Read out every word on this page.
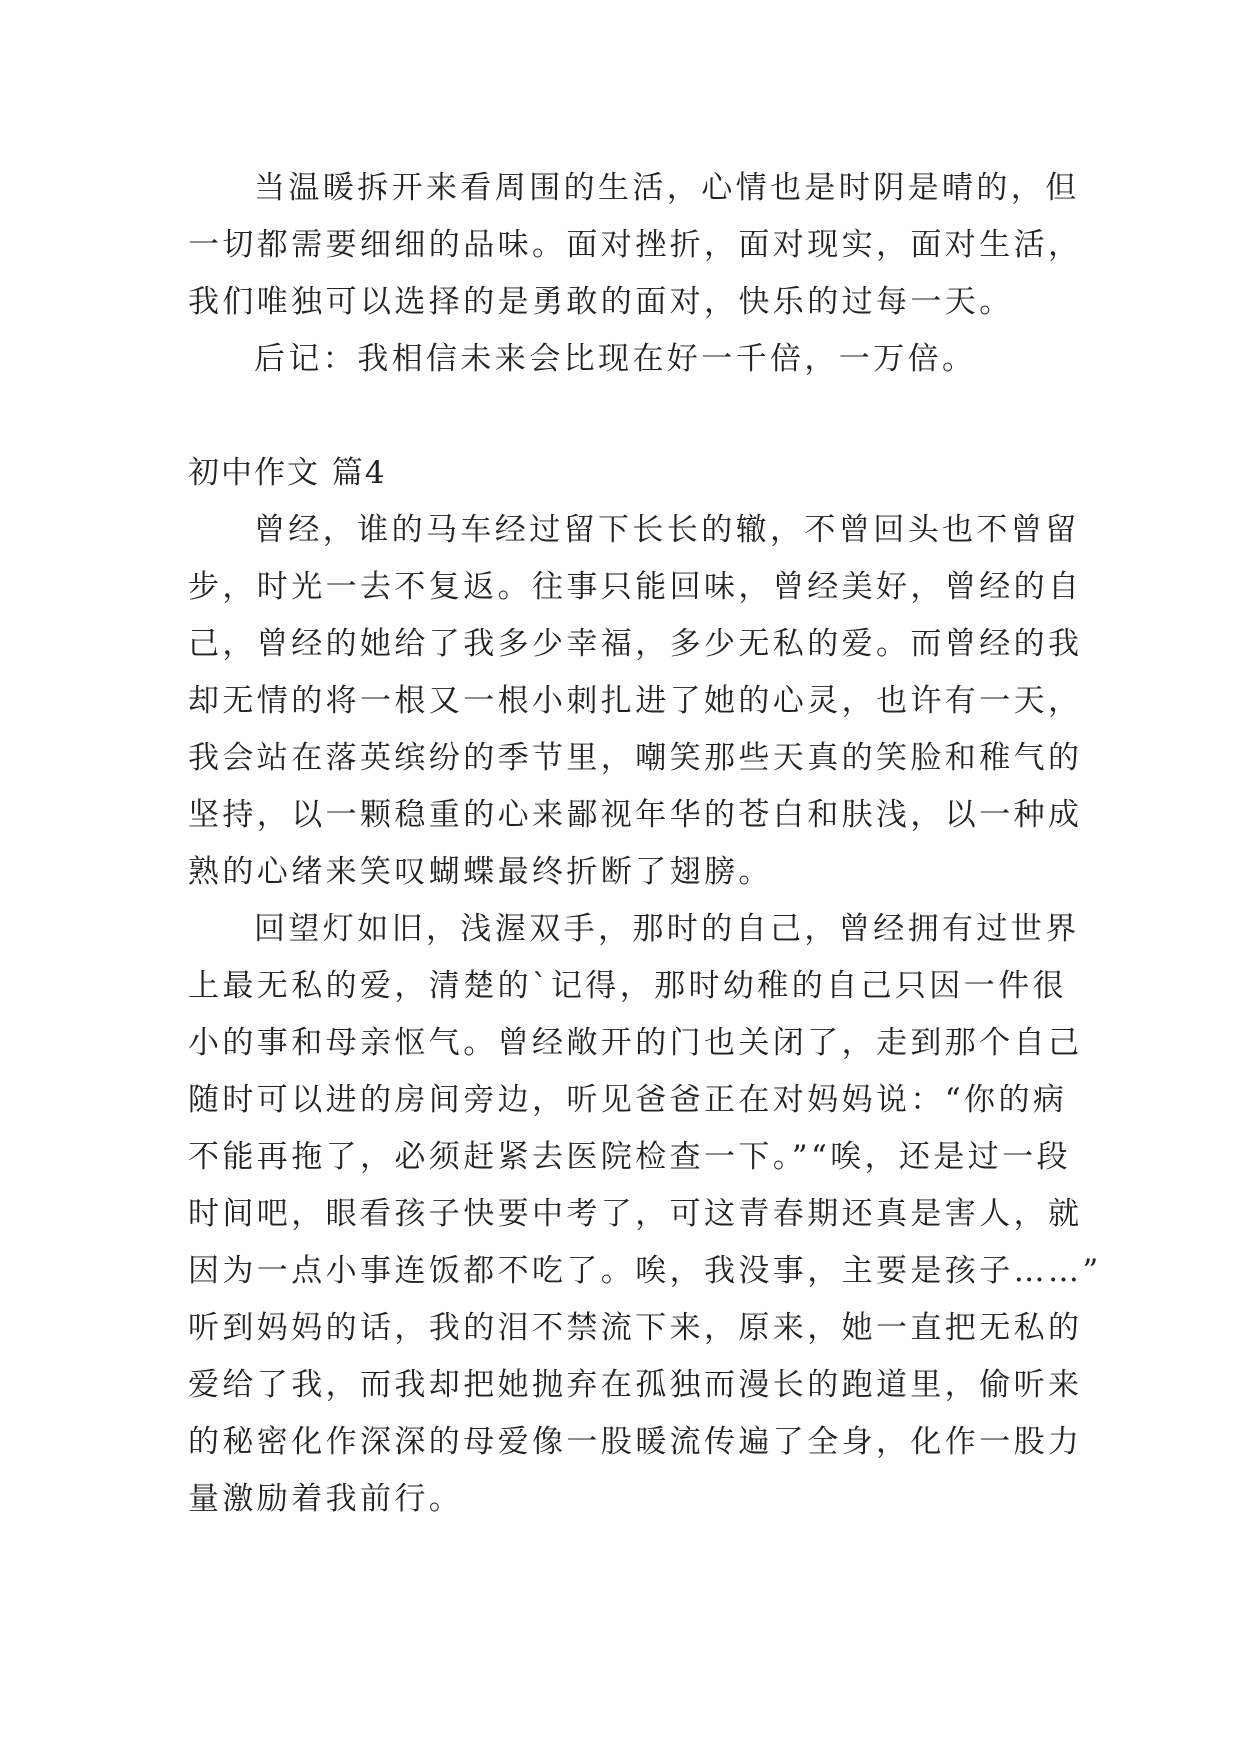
当温暖拆开来看周围的生活，心情也是时阴是晴的，但
一切都需要细细的品味。面对挫折，面对现实，面对生活，
我们唯独可以选择的是勇敢的面对，快乐的过每一天。
后记：我相信未来会比现在好一千倍，一万倍。
初中作文 篇4
曾经，谁的马车经过留下长长的辙，不曾回头也不曾留
步，时光一去不复返。往事只能回味，曾经美好，曾经的自
己，曾经的她给了我多少幸福，多少无私的爱。而曾经的我
却无情的将一根又一根小刺扎进了她的心灵，也许有一天，
我会站在落英缤纷的季节里，嘲笑那些天真的笑脸和稚气的
坚持，以一颗稳重的心来鄙视年华的苍白和肤浅，以一种成
熟的心绪来笑叹蝴蝶最终折断了翅膀。
回望灯如旧，浅渥双手，那时的自己，曾经拥有过世界
上最无私的爱，清楚的`记得，那时幼稚的自己只因一件很
小的事和母亲怄气。曾经敞开的门也关闭了，走到那个自己
随时可以进的房间旁边，听见爸爸正在对妈妈说：“你的病
不能再拖了，必须赶紧去医院检查一下。”“唉，还是过一段
时间吧，眼看孩子快要中考了，可这青春期还真是害人，就
因为一点小事连饭都不吃了。唉，我没事，主要是孩子……”
听到妈妈的话，我的泪不禁流下来，原来，她一直把无私的
爱给了我，而我却把她抛弃在孤独而漫长的跑道里，偷听来
的秘密化作深深的母爱像一股暖流传遍了全身，化作一股力
量激励着我前行。
